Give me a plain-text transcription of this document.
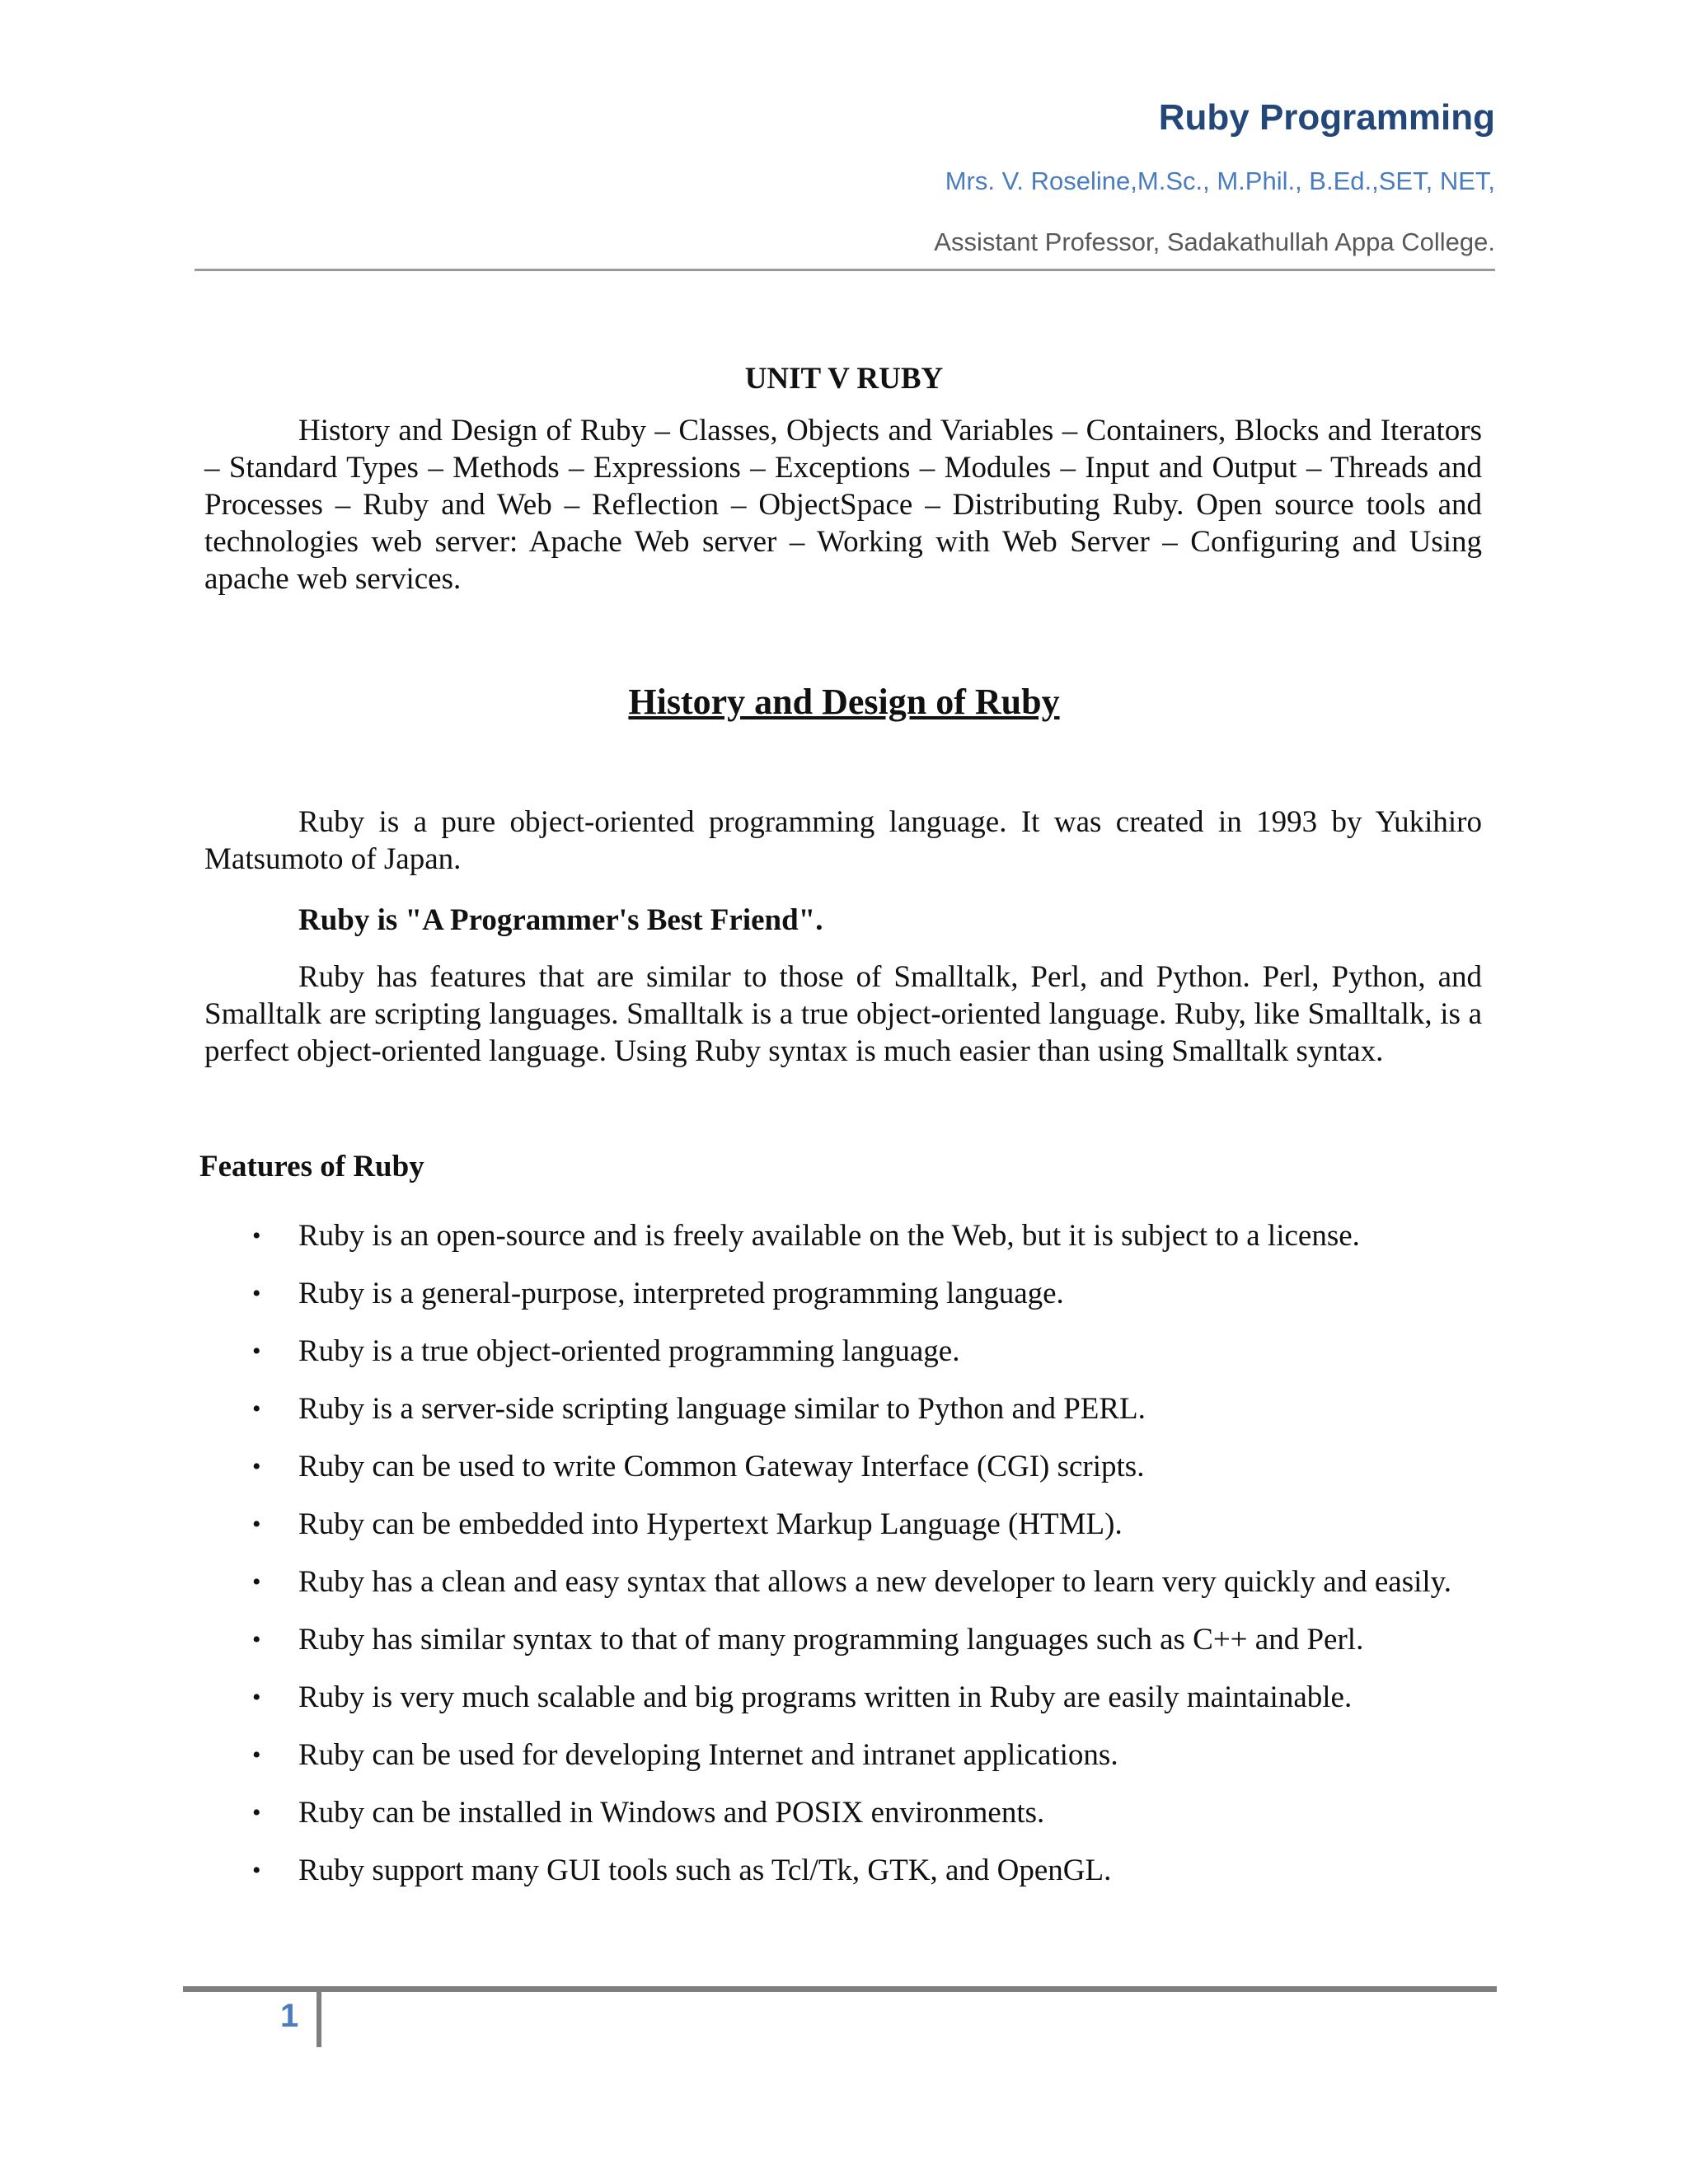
Ruby Programming
Mrs. V. Roseline,M.Sc., M.Phil., B.Ed.,SET, NET,
Assistant Professor, Sadakathullah Appa College.
UNIT V RUBY

History and Design of Ruby – Classes, Objects and Variables – Containers, Blocks and Iterators – Standard Types – Methods – Expressions – Exceptions – Modules – Input and Output – Threads and Processes – Ruby and Web – Reflection – ObjectSpace – Distributing Ruby. Open source tools and technologies web server: Apache Web server – Working with Web Server – Configuring and Using apache web services.

History and Design of Ruby

Ruby is a pure object-oriented programming language. It was created in 1993 by Yukihiro Matsumoto of Japan.

Ruby is "A Programmer's Best Friend".

Ruby has features that are similar to those of Smalltalk, Perl, and Python. Perl, Python, and Smalltalk are scripting languages. Smalltalk is a true object-oriented language. Ruby, like Smalltalk, is a perfect object-oriented language. Using Ruby syntax is much easier than using Smalltalk syntax.

Features of Ruby
• Ruby is an open-source and is freely available on the Web, but it is subject to a license.
• Ruby is a general-purpose, interpreted programming language.
• Ruby is a true object-oriented programming language.
• Ruby is a server-side scripting language similar to Python and PERL.
• Ruby can be used to write Common Gateway Interface (CGI) scripts.
• Ruby can be embedded into Hypertext Markup Language (HTML).
• Ruby has a clean and easy syntax that allows a new developer to learn very quickly and easily.
• Ruby has similar syntax to that of many programming languages such as C++ and Perl.
• Ruby is very much scalable and big programs written in Ruby are easily maintainable.
• Ruby can be used for developing Internet and intranet applications.
• Ruby can be installed in Windows and POSIX environments.
• Ruby support many GUI tools such as Tcl/Tk, GTK, and OpenGL.
1
